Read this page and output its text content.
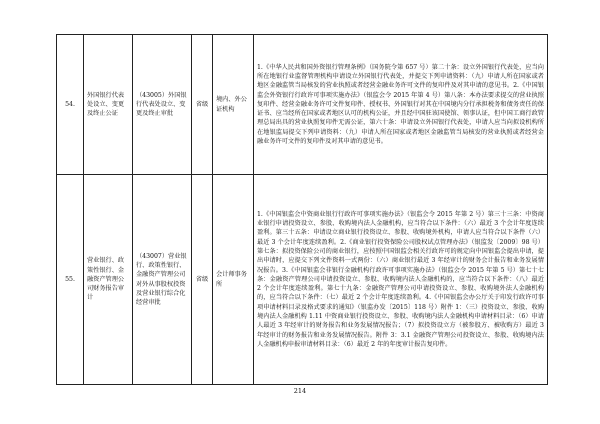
54.	外国银行代表处设立、变更及终止公证	（43005）外国银行代表处设立、变更及终止审批	省级	境内、外公证机构	1.《中华人民共和国外资银行管理条例》（国务院令第 657 号）第二十条：设立外国银行代表处，应当向所在地银行业监督管理机构申请设立外国银行代表处，并提交下列申请资料：（九）申请人所在国家或者地区金融监管当局核发的营业执照或者经营金融业务许可文件的复印件及对其申请的意见书。2.《中国银监会外资银行行政许可事项实施办法》（银监会令 2015 年第 4 号）第八条：本办法要求提交的营业执照复印件、经营金融业务许可文件复印件、授权书、外国银行对其在中国境内分行承担税务和债务责任的保证书、应当经所在国家或者地区认可的机构公证，并且经中国驻该国使馆、领事认证，但中国工商行政管理总局出具的营业执照复印件无需公证，第六十条：申请设立外国银行代表处，申请人应当向拟设机构所在地银监局提交下列申请资料：（九）申请人所在国家或者地区金融监管当局核发的营业执照或者经营金融业务许可文件的复印件及对其申请的意见书。

55.	营业银行、政策性银行、金融资产管理公司财务报告审计	（43007）营业银行、政策性银行、金融资产管理公司对外从事股权投资及营业银行综合化经营审批	省级	会计师事务所	1.《中国银监会中资商业银行行政许可事项实施办法》（银监会令 2015 年第 2 号）第三十三条：中资商业银行申请投资设立、参股、收购境内法人金融机构，应当符合以下条件：（六）最近 3 个会计年度连续盈利。第三十五条：申请设立商业银行投资设立、参股、收购境外机构，申请人应当符合以下条件（六）最近 3 个会计年度连续盈利。2.《商业银行投资保险公司股权试点管理办法》（银监发〔2009〕98 号）第七条：拟投资保险公司的商业银行，应按照中国银监会相关行政许可的规定向中国银监会提出申请，提出申请时，应提交下列文件资料一式两份：（六）商业银行最近 3 年经审计的财务会计报告和业务发展情况报告。3.《中国银监会非银行金融机构行政许可事项实施办法》（银监会令 2015 年第 5 号）第七十七条：金融资产管理公司申请投资设立、参股、收购境内法人金融机构的，应当符合以下条件：（八）最近 2 个会计年度连续盈利。第七十九条：金融资产管理公司申请投资设立、参股、收购境外法人金融机构的，应当符合以下条件：（七）最近 2 个会计年度连续盈利。4.《中国银监会办公厅关于印发行政许可事项申请材料目录及格式要求的通知》（银监办发〔2015〕118 号）附件 1：（三）投资设立、参股、收购境内法人金融机构 1.11 中资商业银行投资设立、参股、收购境内法人金融机构申请材料目录：（6）申请人最近 3 年经审计的财务报告和业务发展情况报告；（7）拟投资设立方（被参股方、被收购方）最近 3 年经审计的财务报告和业务发展情况报告。附件 3：3.1 金融资产管理公司投资设立、参股、收购境内法人金融机构申报审请材料目录：（6）最近 2 年的年度审计报告复印件。
214
